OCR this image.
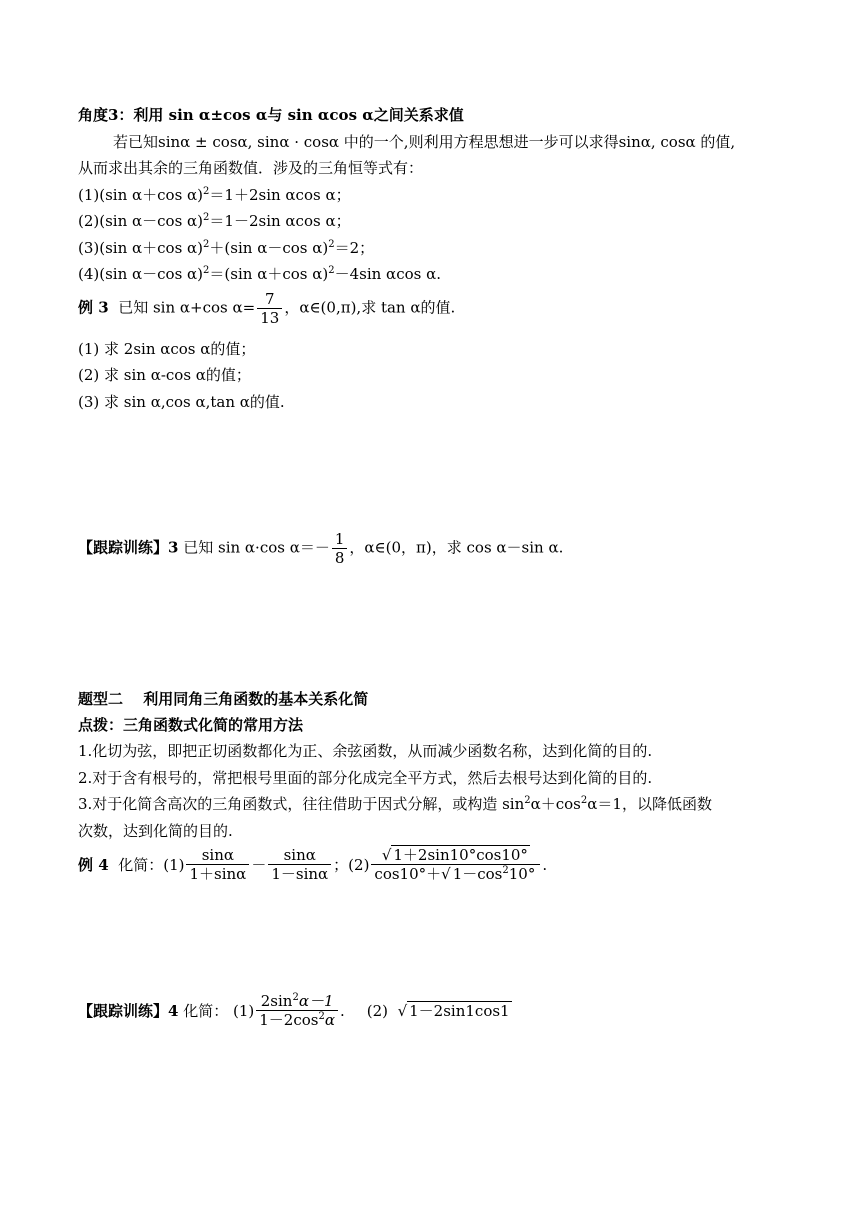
角度3：利用 sin α±cos α与 sin αcos α之间关系求值
若已知sinα ± cosα, sinα · cosα 中的一个,则利用方程思想进一步可以求得sinα, cosα 的值,
从而求出其余的三角函数值．涉及的三角恒等式有：
(1)(sin α＋cos α)$^2$＝1＋2sin αcos α；
(2)(sin α－cos α)$^2$＝1－2sin αcos α；
(3)(sin α＋cos α)$^2$＋(sin α－cos α)$^2$＝2；
(4)(sin α－cos α)$^2$＝(sin α＋cos α)$^2$－4sin αcos α.
例 3 已知 sin α+cos $\alpha= \frac{7}{13}$ ，α∈(0,π),求 tan α的值.
(1) 求 2sin αcos α的值；
(2) 求 sin α-cos α的值；
(3) 求 sin α,cos α,tan α的值.
【跟踪训练】3 已知 sin α·cos $\alpha=- \frac{1}{8}$ ，α∈(0，π)，求 cos α－sin α.
题型二　 利用同角三角函数的基本关系化简
点拨：三角函数式化简的常用方法
1.化切为弦，即把正切函数都化为正、余弦函数，从而减少函数名称，达到化简的目的.
2.对于含有根号的，常把根号里面的部分化成完全平方式，然后去根号达到化简的目的.
3.对于化简含高次的三角函数式，往往借助于因式分解，或构造 $\sin^2\alpha+\cos^2\alpha=1$，以降低函数
次数，达到化简的目的.
例 4 化简：$(1) \frac{\sin\alpha}{1+\sin\alpha} - \frac{\sin\alpha}{1-\sin\alpha}$ ；$(2) \frac{√ 1+2\sin 10^\circ\cos 10^\circ}{\cos 10^\circ+√ 1-\cos^210^\circ}$ .
【跟踪训练】4 化简： $(1) \frac{2\sin^2\alpha-1}{1-2\cos^2\alpha}$ . (2) √ 1－2sin1cos1
